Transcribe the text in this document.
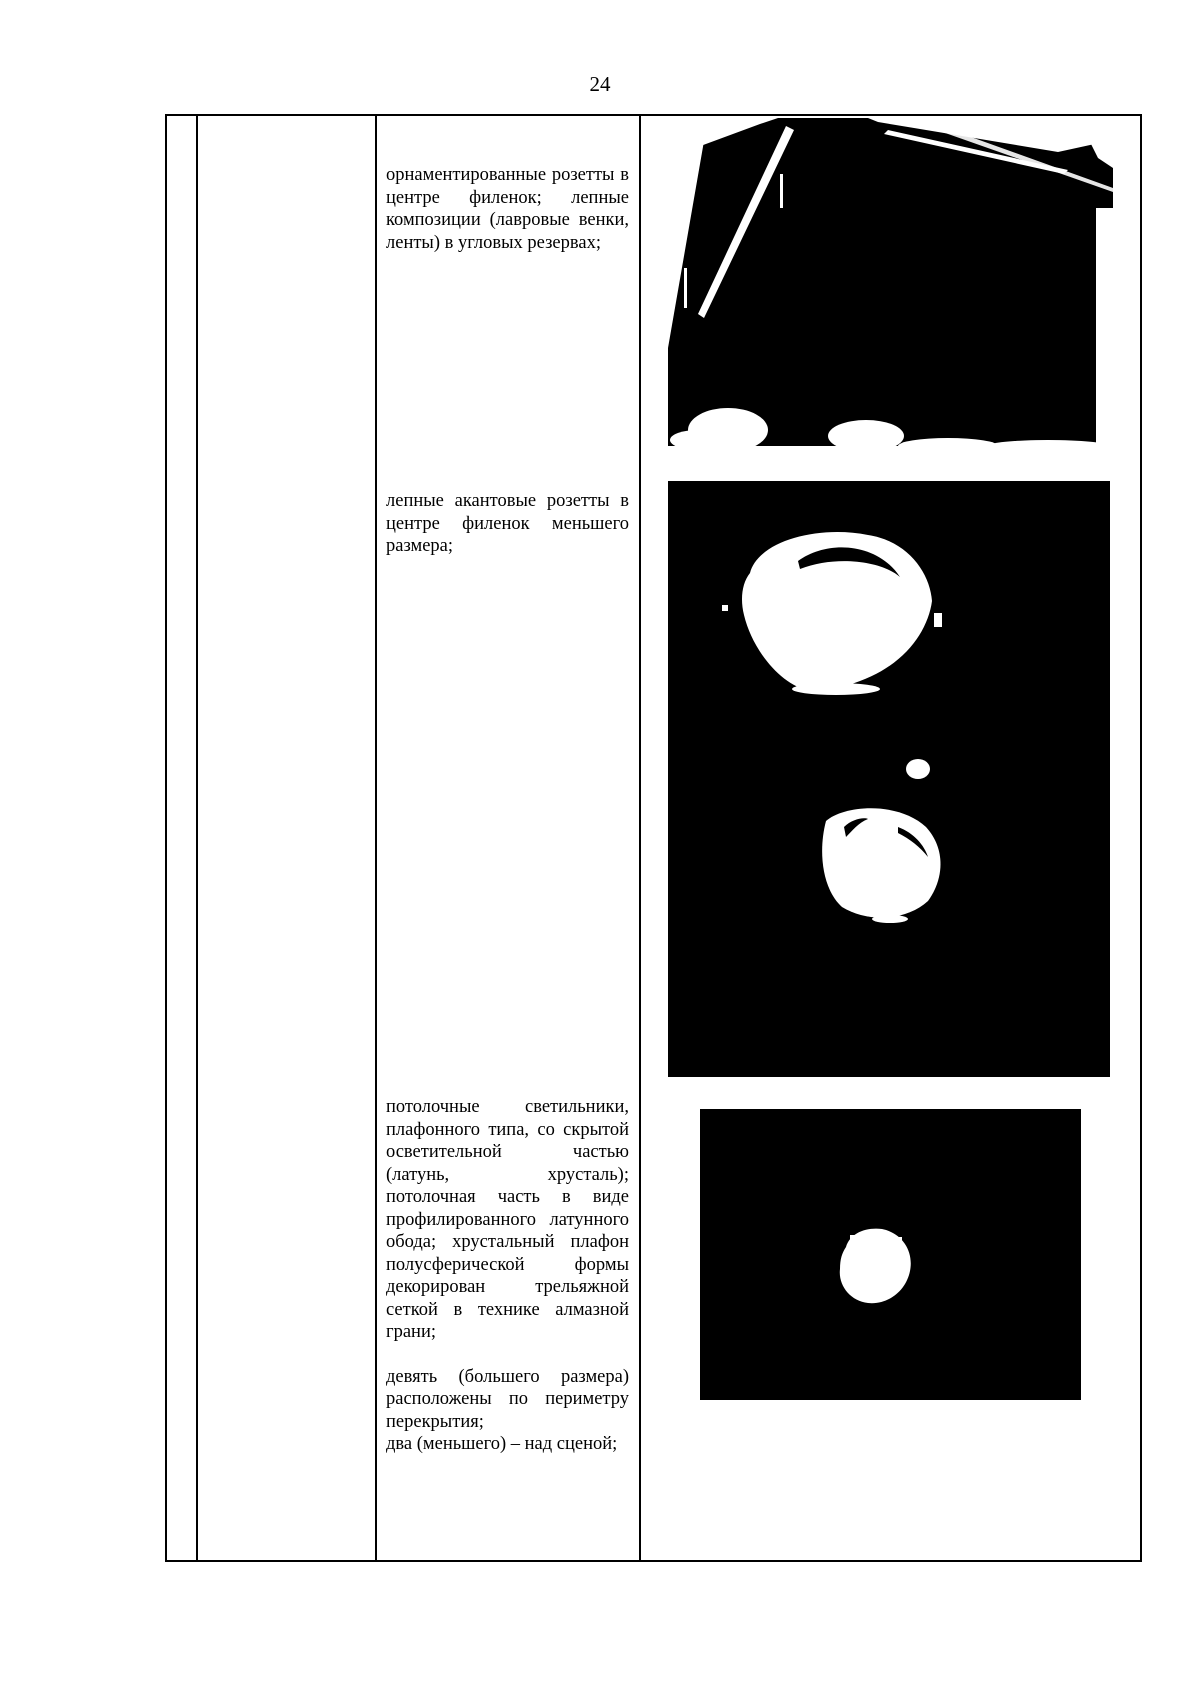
24

орнаментированные розетты в центре филенок; лепные композиции (лавровые венки, ленты) в угловых резервах;

лепные акантовые розетты в центре филенок меньшего размера;

потолочные светильники, плафонного типа, со скрытой осветительной частью (латунь, хрусталь); потолочная часть в виде профилированного латунного обода; хрустальный плафон полусферической формы декорирован трельяжной сеткой в технике алмазной грани;

девять (большего размера) расположены по периметру перекрытия;

два (меньшего) – над сценой;
